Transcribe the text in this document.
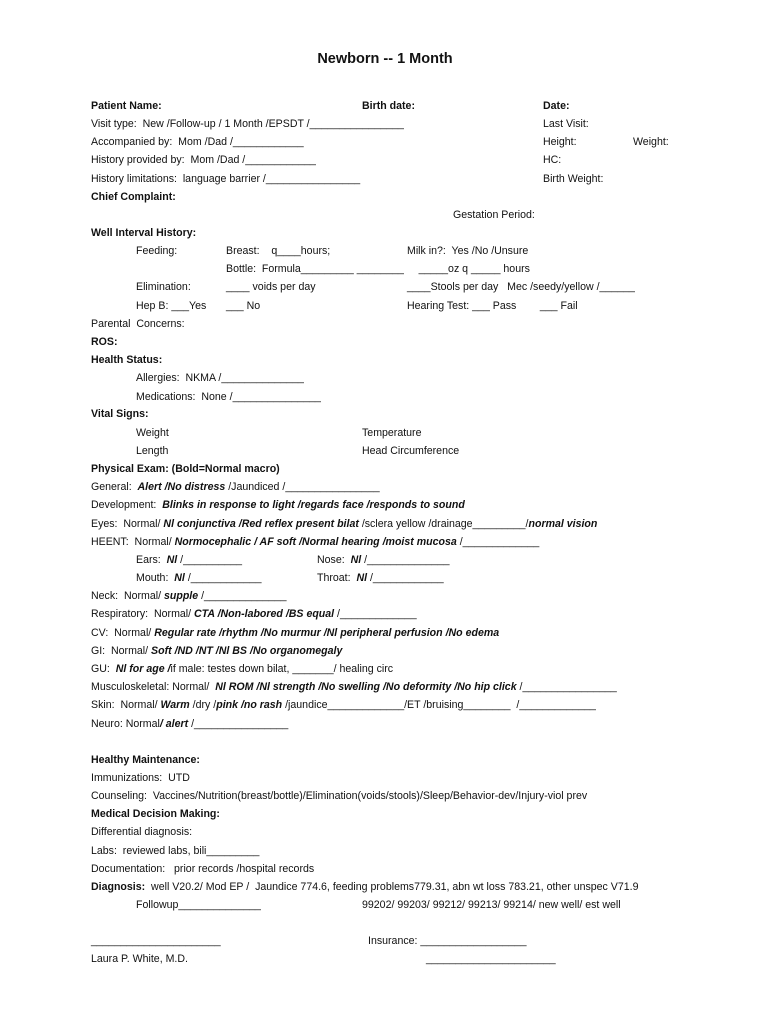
Newborn -- 1 Month
Patient Name:	Birth date:	Date:
Visit type:  New /Follow-up / 1 Month /EPSDT /________________	Last Visit:
Accompanied by:  Mom /Dad /____________	Height:	Weight:
History provided by:  Mom /Dad /____________	HC:
History limitations:  language barrier /________________	Birth Weight:
Chief Complaint:
Gestation Period:
Well Interval History:
Feeding:	Breast:    q____hours;	Milk in?:  Yes /No /Unsure
Bottle:  Formula_________ ________     _____oz q _____ hours
Elimination:	____ voids per day	____Stools per day   Mec /seedy/yellow /______
Hep B: ___Yes ___ No	Hearing Test: ___ Pass        ___ Fail
Parental  Concerns:
ROS:
Health Status:
Allergies:  NKMA /______________
Medications:  None /_______________
Vital Signs:
Weight	Temperature
Length	Head Circumference
Physical Exam: (Bold=Normal macro)
General:  Alert /No distress /Jaundiced /________________
Development:  Blinks in response to light /regards face /responds to sound
Eyes:  Normal/ Nl conjunctiva /Red reflex present bilat /sclera yellow /drainage_________/normal vision
HEENT:  Normal/ Normocephalic / AF soft /Normal hearing /moist mucosa /_____________
Ears:  Nl /__________	Nose:  Nl /______________
Mouth:  Nl /____________	Throat:  Nl /____________
Neck:  Normal/ supple /______________
Respiratory:  Normal/ CTA /Non-labored /BS equal /_____________
CV:  Normal/ Regular rate /rhythm /No murmur /Nl peripheral perfusion /No edema
GI:  Normal/ Soft /ND /NT /Nl BS /No organomegaly
GU:  Nl for age /if male: testes down bilat, _______/ healing circ
Musculoskeletal: Normal/  Nl ROM /Nl strength /No swelling /No deformity /No hip click /________________
Skin:  Normal/ Warm /dry /pink /no rash /jaundice_____________/ET /bruising________  /_____________
Neuro: Normal/ alert /________________
Healthy Maintenance:
Immunizations:  UTD
Counseling:  Vaccines/Nutrition(breast/bottle)/Elimination(voids/stools)/Sleep/Behavior-dev/Injury-viol prev
Medical Decision Making:
Differential diagnosis:
Labs:  reviewed labs, bili_________
Documentation:   prior records /hospital records
Diagnosis:  well V20.2/ Mod EP /  Jaundice 774.6, feeding problems779.31, abn wt loss 783.21, other unspec V71.9
Followup______________	99202/ 99203/ 99212/ 99213/ 99214/ new well/ est well
______________________	Insurance: __________________
Laura P. White, M.D.	______________________
